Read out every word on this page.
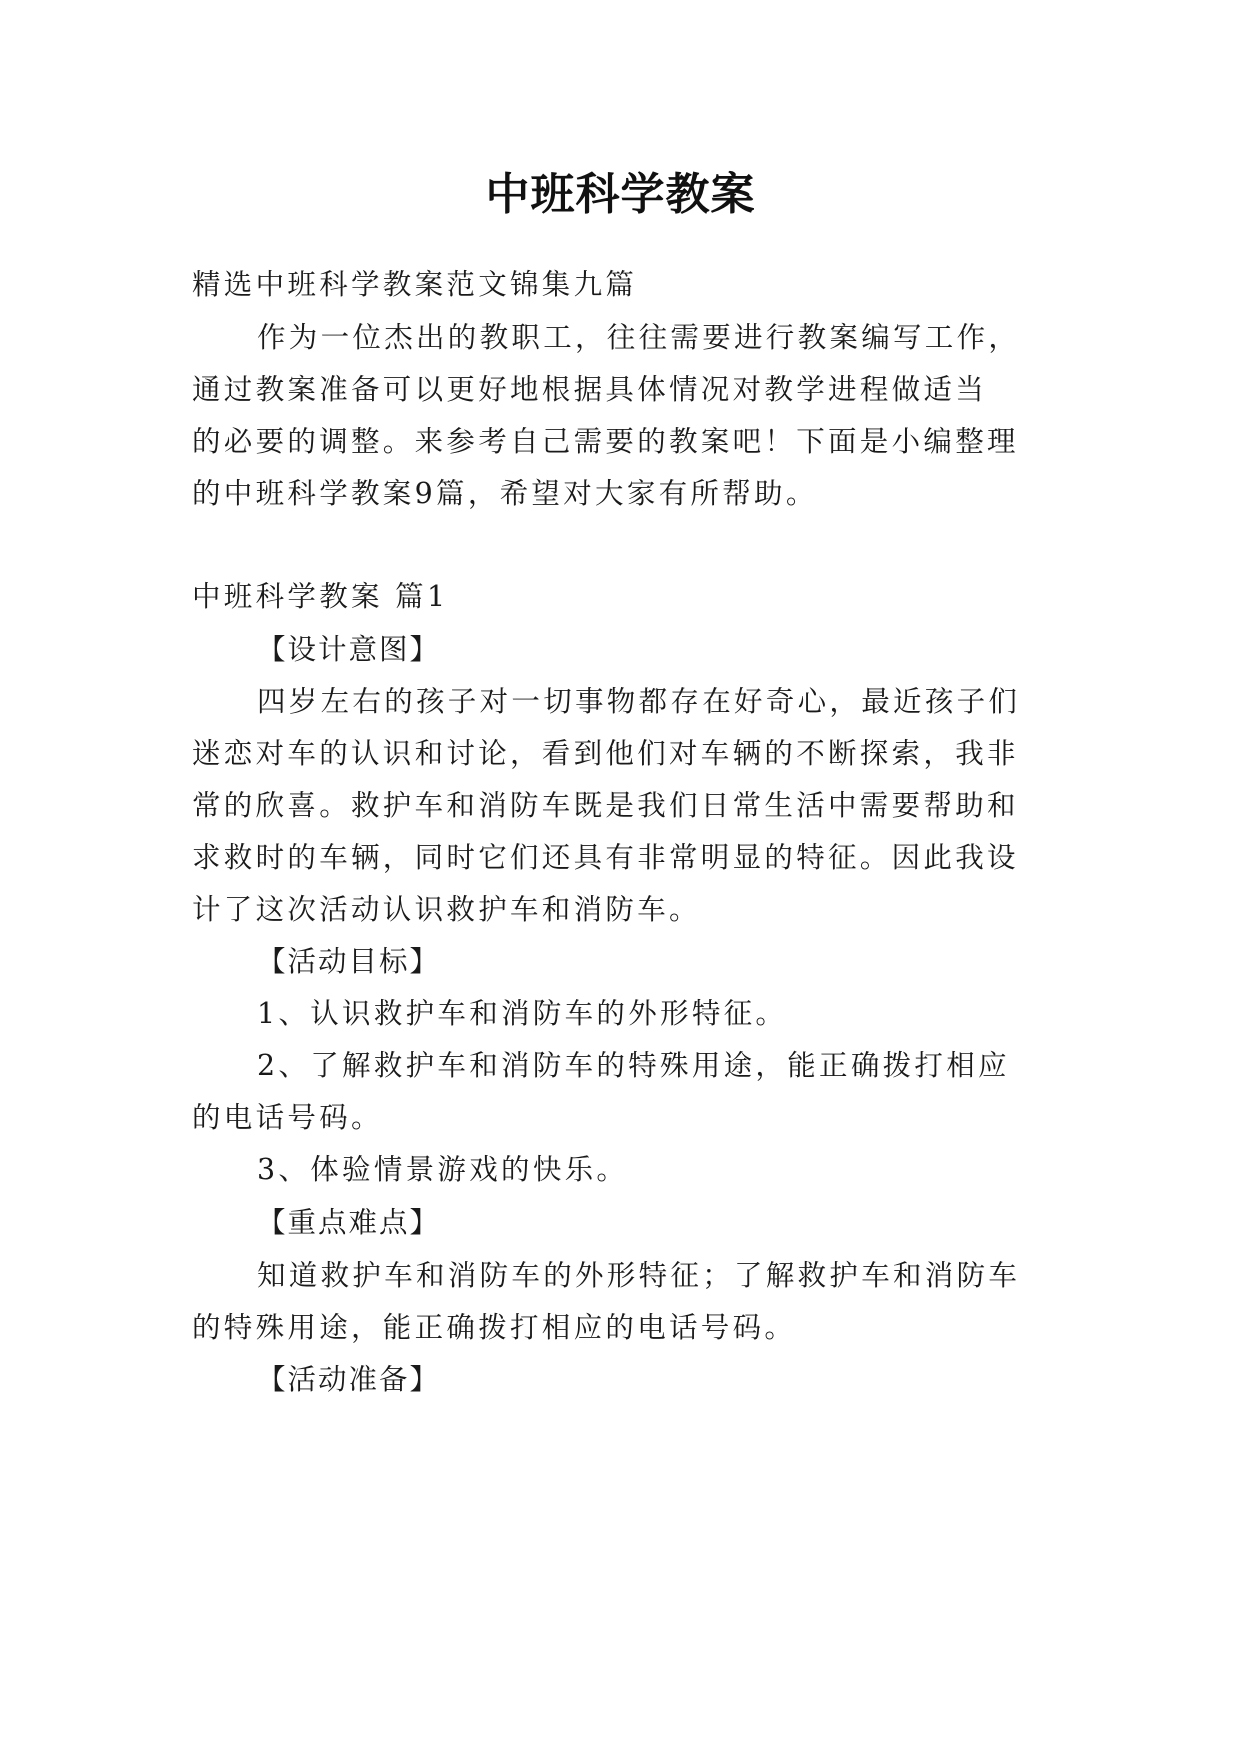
中班科学教案

精选中班科学教案范文锦集九篇

作为一位杰出的教职工，往往需要进行教案编写工作，

通过教案准备可以更好地根据具体情况对教学进程做适当

的必要的调整。来参考自己需要的教案吧！下面是小编整理

的中班科学教案9篇，希望对大家有所帮助。

中班科学教案 篇1

【设计意图】

四岁左右的孩子对一切事物都存在好奇心，最近孩子们

迷恋对车的认识和讨论，看到他们对车辆的不断探索，我非

常的欣喜。救护车和消防车既是我们日常生活中需要帮助和

求救时的车辆，同时它们还具有非常明显的特征。因此我设

计了这次活动认识救护车和消防车。

【活动目标】

1、认识救护车和消防车的外形特征。

2、了解救护车和消防车的特殊用途，能正确拨打相应

的电话号码。

3、体验情景游戏的快乐。

【重点难点】

知道救护车和消防车的外形特征；了解救护车和消防车

的特殊用途，能正确拨打相应的电话号码。

【活动准备】
